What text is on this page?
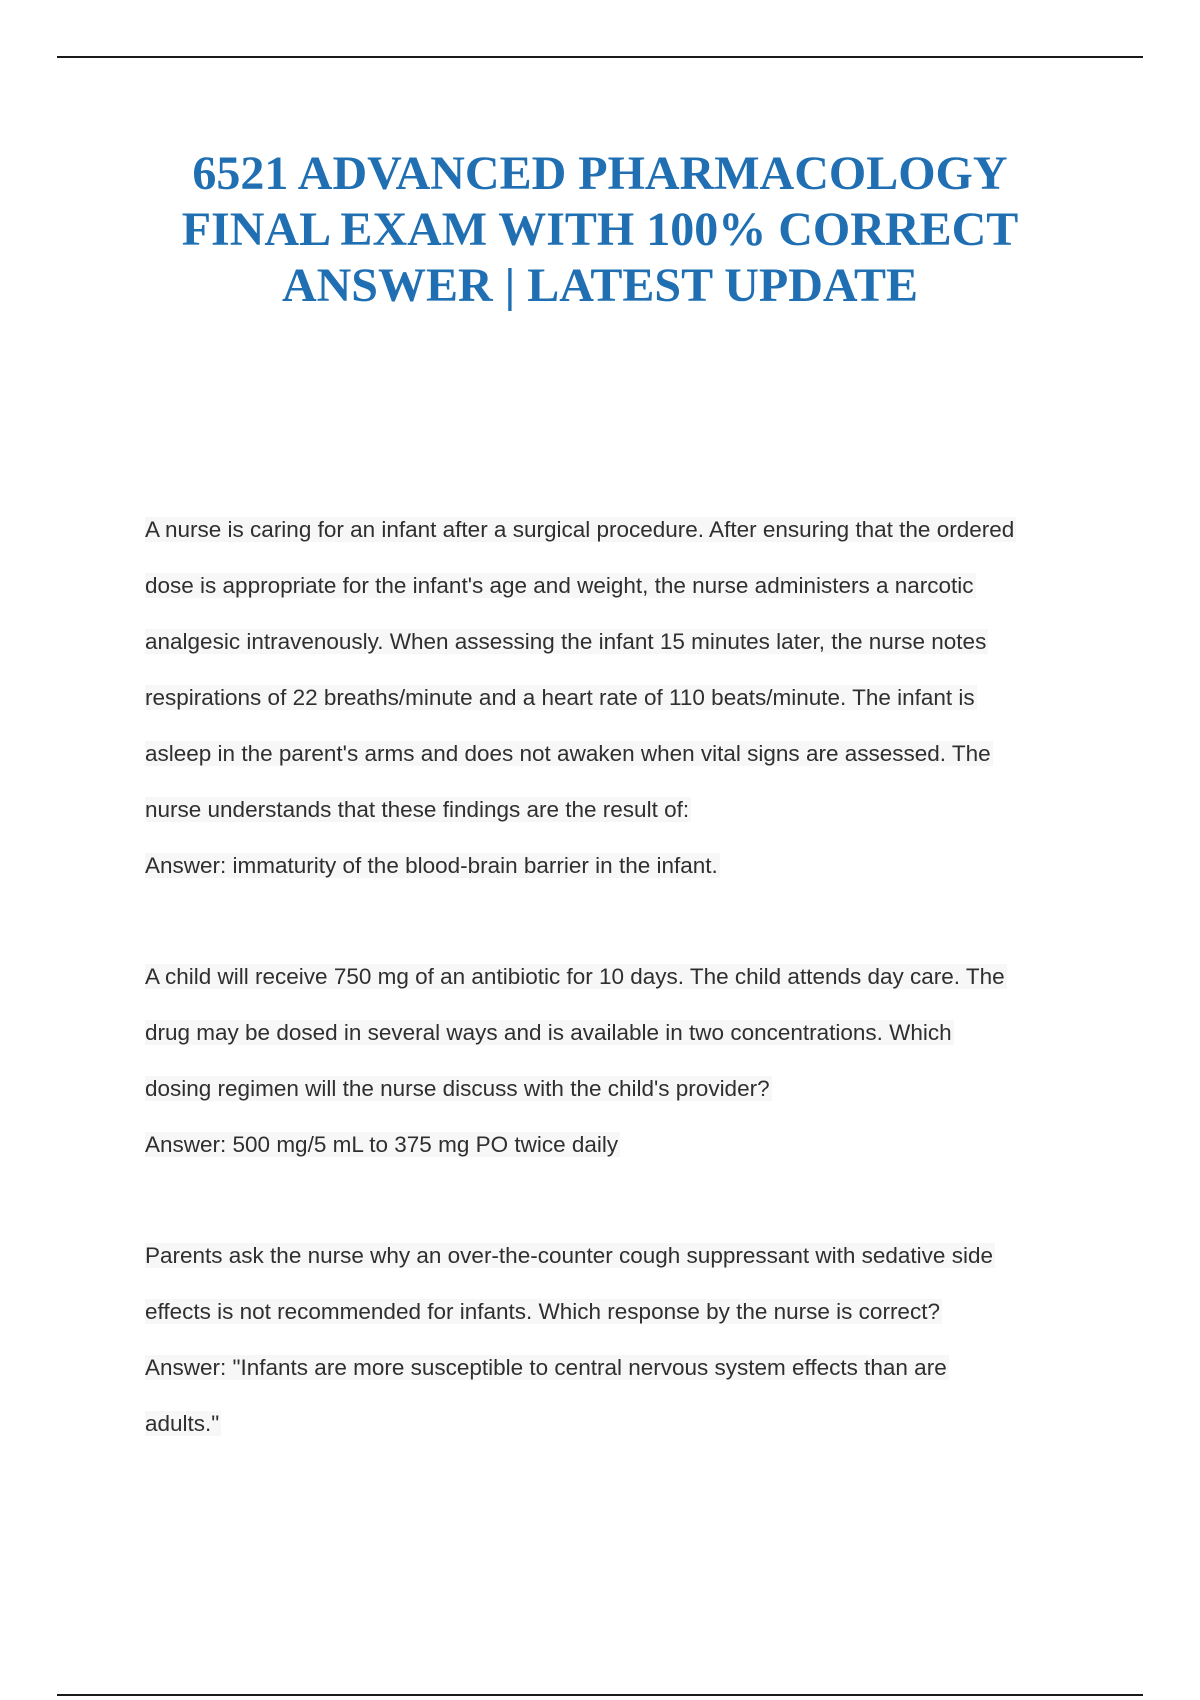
6521 ADVANCED PHARMACOLOGY
FINAL EXAM WITH 100% CORRECT
ANSWER | LATEST UPDATE
A nurse is caring for an infant after a surgical procedure. After ensuring that the ordered
dose is appropriate for the infant's age and weight, the nurse administers a narcotic
analgesic intravenously. When assessing the infant 15 minutes later, the nurse notes
respirations of 22 breaths/minute and a heart rate of 110 beats/minute. The infant is
asleep in the parent's arms and does not awaken when vital signs are assessed. The
nurse understands that these findings are the result of:
Answer: immaturity of the blood-brain barrier in the infant.
A child will receive 750 mg of an antibiotic for 10 days. The child attends day care. The
drug may be dosed in several ways and is available in two concentrations. Which
dosing regimen will the nurse discuss with the child's provider?
Answer: 500 mg/5 mL to 375 mg PO twice daily
Parents ask the nurse why an over-the-counter cough suppressant with sedative side
effects is not recommended for infants. Which response by the nurse is correct?
Answer: "Infants are more susceptible to central nervous system effects than are
adults."
